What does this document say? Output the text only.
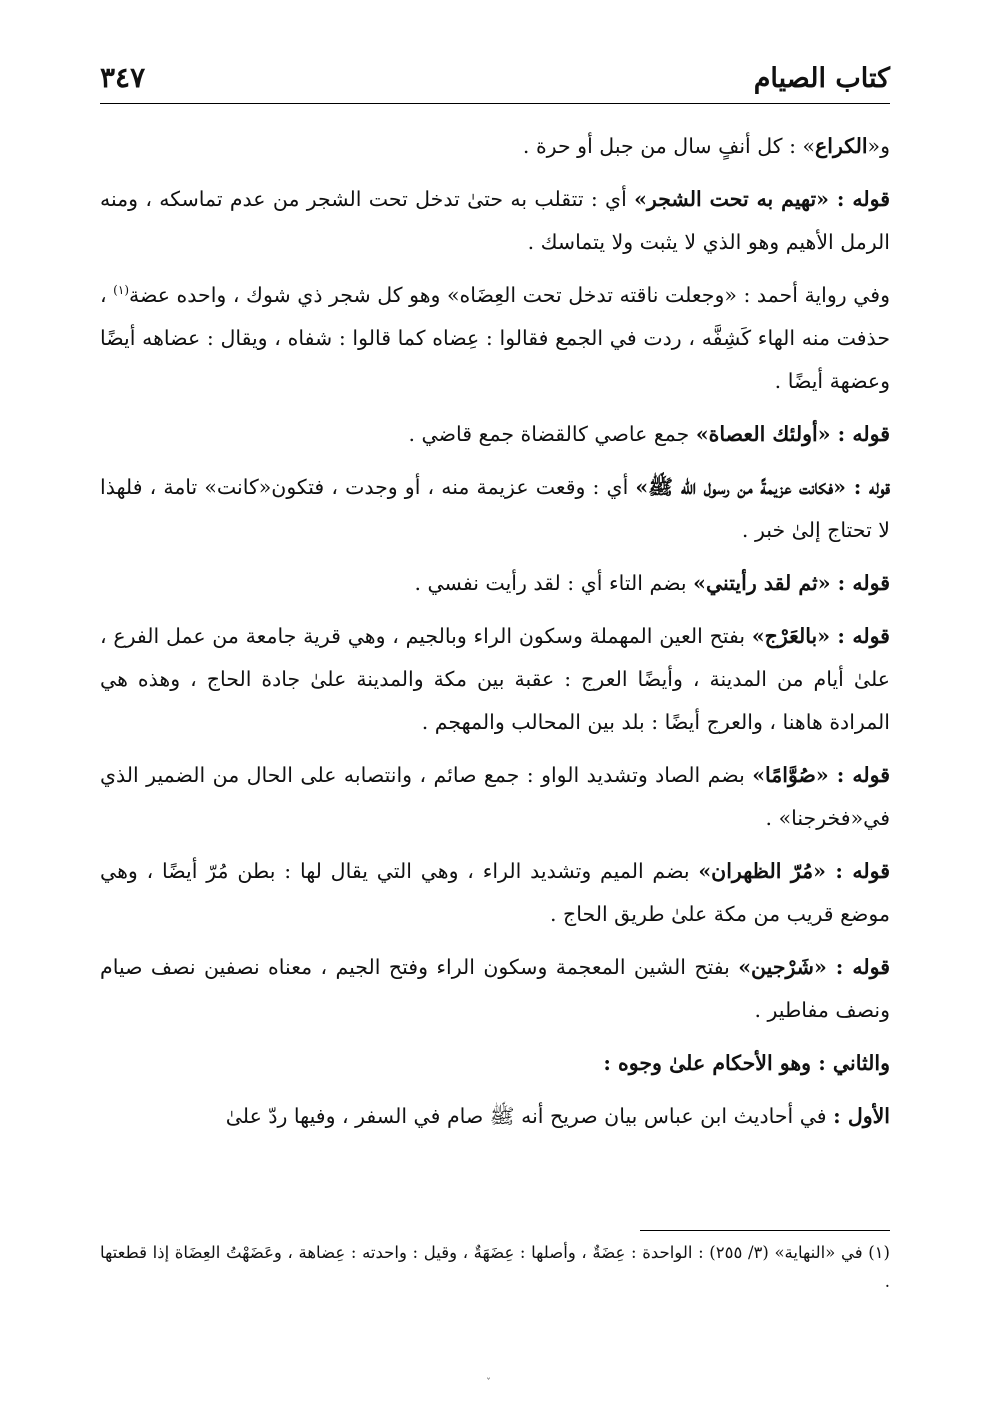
كتاب الصيام
٣٤٧

و«الكراع» : كل أنفٍ سال من جبل أو حرة .

قوله : «تهيم به تحت الشجر» أي : تتقلب به حتىٰ تدخل تحت الشجر من عدم تماسكه ، ومنه الرمل الأهيم وهو الذي لا يثبت ولا يتماسك .

وفي رواية أحمد : «وجعلت ناقته تدخل تحت العِضَاه» وهو كل شجر ذي شوك ، واحده عضة$^{(١)}$ ، حذفت منه الهاء كَشِفَّه ، ردت في الجمع فقالوا : عِضاه كما قالوا : شفاه ، ويقال : عضاهه أيضًا وعضهة أيضًا .

قوله : «أولئك العصاة» جمع عاصي كالقضاة جمع قاضي .

قوله : «فكانت عزيمةً من رسول الله ﷺ» أي : وقعت عزيمة منه ، أو وجدت ، فتكون«كانت» تامة ، فلهذا لا تحتاج إلىٰ خبر .

قوله : «ثم لقد رأيتني» بضم التاء أي : لقد رأيت نفسي .

قوله : «بالعَرْج» بفتح العين المهملة وسكون الراء وبالجيم ، وهي قرية جامعة من عمل الفرع ، علىٰ أيام من المدينة ، وأيضًا العرج : عقبة بين مكة والمدينة علىٰ جادة الحاج ، وهذه هي المرادة هاهنا ، والعرج أيضًا : بلد بين المحالب والمهجم .

قوله : «صُوَّامًا» بضم الصاد وتشديد الواو : جمع صائم ، وانتصابه على الحال من الضمير الذي في«فخرجنا» .

قوله : «مُرّ الظهران» بضم الميم وتشديد الراء ، وهي التي يقال لها : بطن مُرّ أيضًا ، وهي موضع قريب من مكة علىٰ طريق الحاج .

قوله : «شَرْجين» بفتح الشين المعجمة وسكون الراء وفتح الجيم ، معناه نصفين نصف صيام ونصف مفاطير .

والثاني : وهو الأحكام علىٰ وجوه :

الأول : في أحاديث ابن عباس بيان صريح أنه ﷺ صام في السفر ، وفيها ردّ علىٰ

(١) في «النهاية» (٣/ ٢٥٥) : الواحدة : عِضَةٌ ، وأصلها : عِضَهَةٌ ، وقيل : واحدته : عِضاهة ، وعَضَهْتُ العِضَاة إذا قطعتها .

ˇ
